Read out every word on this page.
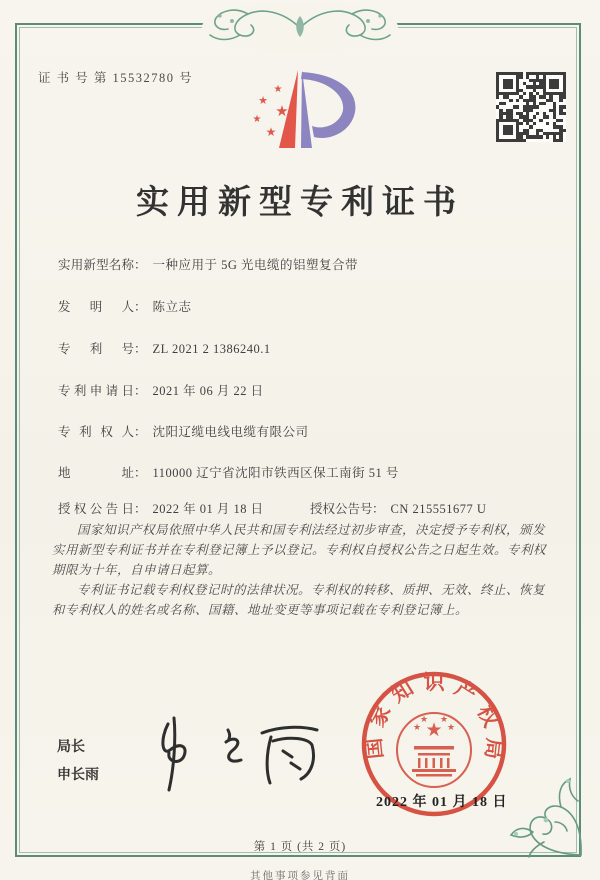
证 书 号 第 15532780 号
★
★
★
★
★
实用新型专利证书
实用新型名称： 一种应用于 5G 光电缆的铝塑复合带
发明人： 陈立志
专利号： ZL 2021 2 1386240.1
专利申请日： 2021 年 06 月 22 日
专利权人： 沈阳辽缆电线电缆有限公司
地址： 110000 辽宁省沈阳市铁西区保工南街 51 号
授权公告日： 2022 年 01 月 18 日	授权公告号： CN 215551677 U

国家知识产权局依照中华人民共和国专利法经过初步审查，决定授予专利权，颁发实用新型专利证书并在专利登记簿上予以登记。专利权自授权公告之日起生效。专利权期限为十年，自申请日起算。

专利证书记载专利权登记时的法律状况。专利权的转移、质押、无效、终止、恢复和专利权人的姓名或名称、国籍、地址变更等事项记载在专利登记簿上。

局长
申长雨
国家知识产权局
★
★
★ ★
★
2022 年 01 月 18 日
第 1 页 (共 2 页)
其他事项参见背面
